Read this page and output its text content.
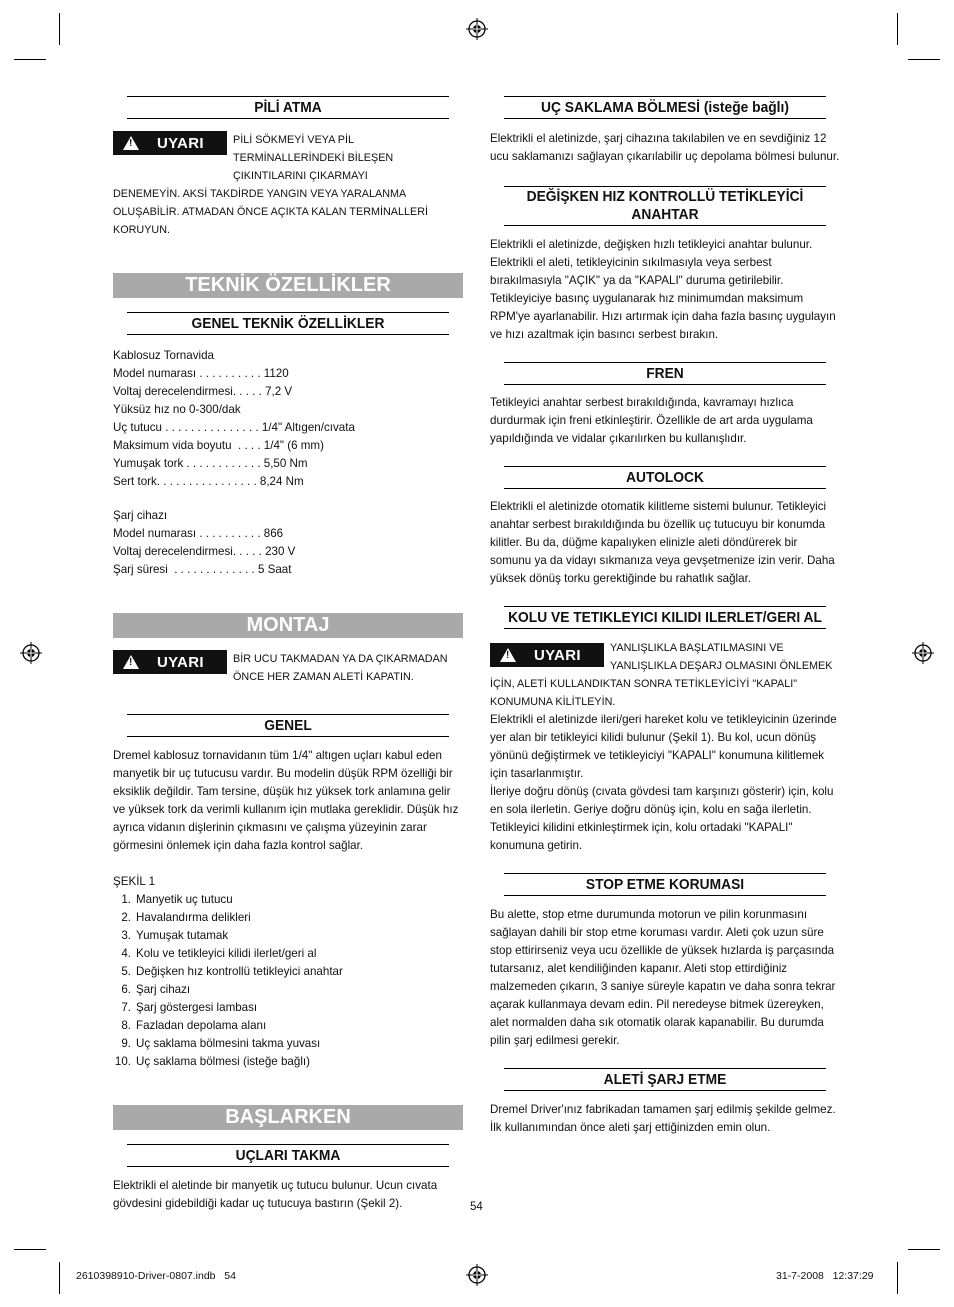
PİLİ ATMA
! UYARI	PİLİ SÖKMEYİ VEYA PİL TERMİNALLERİNDEKİ BİLEŞEN ÇIKINTILARINI ÇIKARMAYI
DENEMEYİN. AKSİ TAKDİRDE YANGIN VEYA YARALANMA OLUŞABİLİR. ATMADAN ÖNCE AÇIKTA KALAN TERMİNALLERİ KORUYUN.
TEKNİK ÖZELLİKLER
GENEL TEKNİK ÖZELLİKLER
Kablosuz Tornavida
Model numarası . . . . . . . . . . 1120
Voltaj derecelendirmesi. . . . . 7,2 V
Yüksüz hız no 0-300/dak
Uç tutucu . . . . . . . . . . . . . . . 1/4" Altıgen/cıvata
Maksimum vida boyutu  . . . . 1/4" (6 mm)
Yumuşak tork . . . . . . . . . . . . 5,50 Nm
Sert tork. . . . . . . . . . . . . . . . 8,24 Nm
Şarj cihazı
Model numarası . . . . . . . . . . 866
Voltaj derecelendirmesi. . . . . 230 V
Şarj süresi  . . . . . . . . . . . . . 5 Saat
MONTAJ
! UYARI	BİR UCU TAKMADAN YA DA ÇIKARMADAN ÖNCE HER ZAMAN ALETİ KAPATIN.
GENEL

Dremel kablosuz tornavidanın tüm 1/4" altıgen uçları kabul eden manyetik bir uç tutucusu vardır. Bu modelin düşük RPM özelliği bir eksiklik değildir. Tam tersine, düşük hız yüksek tork anlamına gelir ve yüksek tork da verimli kullanım için mutlaka gereklidir. Düşük hız ayrıca vidanın dişlerinin çıkmasını ve çalışma yüzeyinin zarar görmesini önlemek için daha fazla kontrol sağlar.

ŞEKİL 1
1. Manyetik uç tutucu
2. Havalandırma delikleri
3. Yumuşak tutamak
4. Kolu ve tetikleyici kilidi ilerlet/geri al
5. Değişken hız kontrollü tetikleyici anahtar
6. Şarj cihazı
7. Şarj göstergesi lambası
8. Fazladan depolama alanı
9. Uç saklama bölmesini takma yuvası
10. Uç saklama bölmesi (isteğe bağlı)
BAŞLARKEN
UÇLARI TAKMA

Elektrikli el aletinde bir manyetik uç tutucu bulunur. Ucun cıvata gövdesini gidebildiği kadar uç tutucuya bastırın (Şekil 2).

UÇ SAKLAMA BÖLMESİ (isteğe bağlı)

Elektrikli el aletinizde, şarj cihazına takılabilen ve en sevdiğiniz 12 ucu saklamanızı sağlayan çıkarılabilir uç depolama bölmesi bulunur.

DEĞİŞKEN HIZ KONTROLLÜ TETİKLEYİCİ
ANAHTAR

Elektrikli el aletinizde, değişken hızlı tetikleyici anahtar bulunur. Elektrikli el aleti, tetikleyicinin sıkılmasıyla veya serbest bırakılmasıyla "AÇIK" ya da "KAPALI" duruma getirilebilir. Tetikleyiciye basınç uygulanarak hız minimumdan maksimum RPM'ye ayarlanabilir. Hızı artırmak için daha fazla basınç uygulayın ve hızı azaltmak için basıncı serbest bırakın.

FREN

Tetikleyici anahtar serbest bırakıldığında, kavramayı hızlıca durdurmak için freni etkinleştirir. Özellikle de art arda uygulama yapıldığında ve vidalar çıkarılırken bu kullanışlıdır.

AUTOLOCK

Elektrikli el aletinizde otomatik kilitleme sistemi bulunur. Tetikleyici anahtar serbest bırakıldığında bu özellik uç tutucuyu bir konumda kilitler. Bu da, düğme kapalıyken elinizle aleti döndürerek bir somunu ya da vidayı sıkmanıza veya gevşetmenize izin verir. Daha yüksek dönüş torku gerektiğinde bu rahatlık sağlar.

KOLU VE TETIKLEYICI KILIDI ILERLET/GERI AL
! UYARI	YANLIŞLIKLA BAŞLATILMASINI VE YANLIŞLIKLA DEŞARJ OLMASINI ÖNLEMEK
İÇİN, ALETİ KULLANDIKTAN SONRA TETİKLEYİCİYİ "KAPALI" KONUMUNA KİLİTLEYİN.

Elektrikli el aletinizde ileri/geri hareket kolu ve tetikleyicinin üzerinde yer alan bir tetikleyici kilidi bulunur (Şekil 1). Bu kol, ucun dönüş yönünü değiştirmek ve tetikleyiciyi "KAPALI" konumuna kilitlemek için tasarlanmıştır.

İleriye doğru dönüş (cıvata gövdesi tam karşınızı gösterir) için, kolu en sola ilerletin. Geriye doğru dönüş için, kolu en sağa ilerletin. Tetikleyici kilidini etkinleştirmek için, kolu ortadaki "KAPALI" konumuna getirin.

STOP ETME KORUMASI

Bu alette, stop etme durumunda motorun ve pilin korunmasını sağlayan dahili bir stop etme koruması vardır. Aleti çok uzun süre stop ettirirseniz veya ucu özellikle de yüksek hızlarda iş parçasında tutarsanız, alet kendiliğinden kapanır. Aleti stop ettirdiğiniz malzemeden çıkarın, 3 saniye süreyle kapatın ve daha sonra tekrar açarak kullanmaya devam edin. Pil neredeyse bitmek üzereyken, alet normalden daha sık otomatik olarak kapanabilir. Bu durumda pilin şarj edilmesi gerekir.

ALETİ ŞARJ ETME

Dremel Driver'ınız fabrikadan tamamen şarj edilmiş şekilde gelmez. İlk kullanımından önce aleti şarj ettiğinizden emin olun.

54
2610398910-Driver-0807.indb   54	31-7-2008   12:37:29
